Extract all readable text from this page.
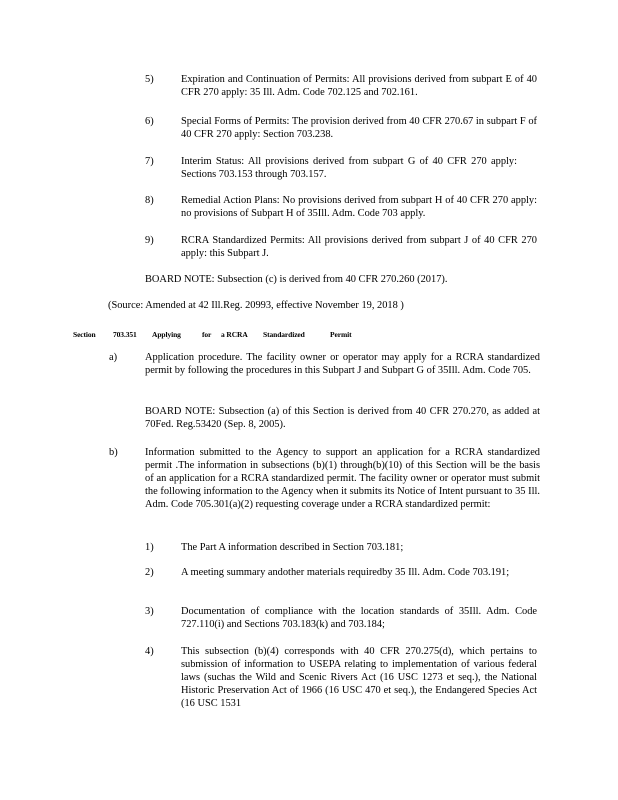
5)	Expiration and Continuation of Permits: All provisions derived from subpart E of 40 CFR 270 apply: 35 Ill. Adm. Code 702.125 and 702.161.
6)	Special Forms of Permits: The provision derived from 40 CFR 270.67 in subpart F of 40 CFR 270 apply: Section 703.238.
7)	Interim Status: All provisions derived from subpart G of 40 CFR 270 apply: Sections 703.153 through 703.157.
8)	Remedial Action Plans: No provisions derived from subpart H of 40 CFR 270 apply: no provisions of Subpart H of 35Ill. Adm. Code 703 apply.
9)	RCRA Standardized Permits: All provisions derived from subpart J of 40 CFR 270 apply: this Subpart J.
BOARD NOTE: Subsection (c) is derived from 40 CFR 270.260 (2017).
(Source: Amended at 42 Ill.Reg. 20993, effective November 19, 2018 )
Section 703.351 Applying	for a RCRA Standardized	Permit
a)	Application procedure. The facility owner or operator may apply for a RCRA standardized permit by following the procedures in this Subpart J and Subpart G of 35Ill. Adm. Code 705.
BOARD NOTE: Subsection (a) of this Section is derived from 40 CFR 270.270, as added at 70Fed. Reg.53420 (Sep. 8, 2005).
b)	Information submitted to the Agency to support an application for a RCRA standardized permit .The information in subsections (b)(1) through(b)(10) of this Section will be the basis of an application for a RCRA standardized permit. The facility owner or operator must submit the following information to the Agency when it submits its Notice of Intent pursuant to 35 Ill. Adm. Code 705.301(a)(2) requesting coverage under a RCRA standardized permit:
1)	The Part A information described in Section 703.181;
2)	A meeting summary andother materials requiredby 35 Ill. Adm. Code 703.191;
3)	Documentation of compliance with the location standards of 35Ill. Adm. Code 727.110(i) and Sections 703.183(k) and 703.184;
4)	This subsection (b)(4) corresponds with 40 CFR 270.275(d), which pertains to submission of information to USEPA relating to implementation of various federal laws (suchas the Wild and Scenic Rivers Act (16 USC 1273 et seq.), the National Historic Preservation Act of 1966 (16 USC 470 et seq.), the Endangered Species Act (16 USC 1531
